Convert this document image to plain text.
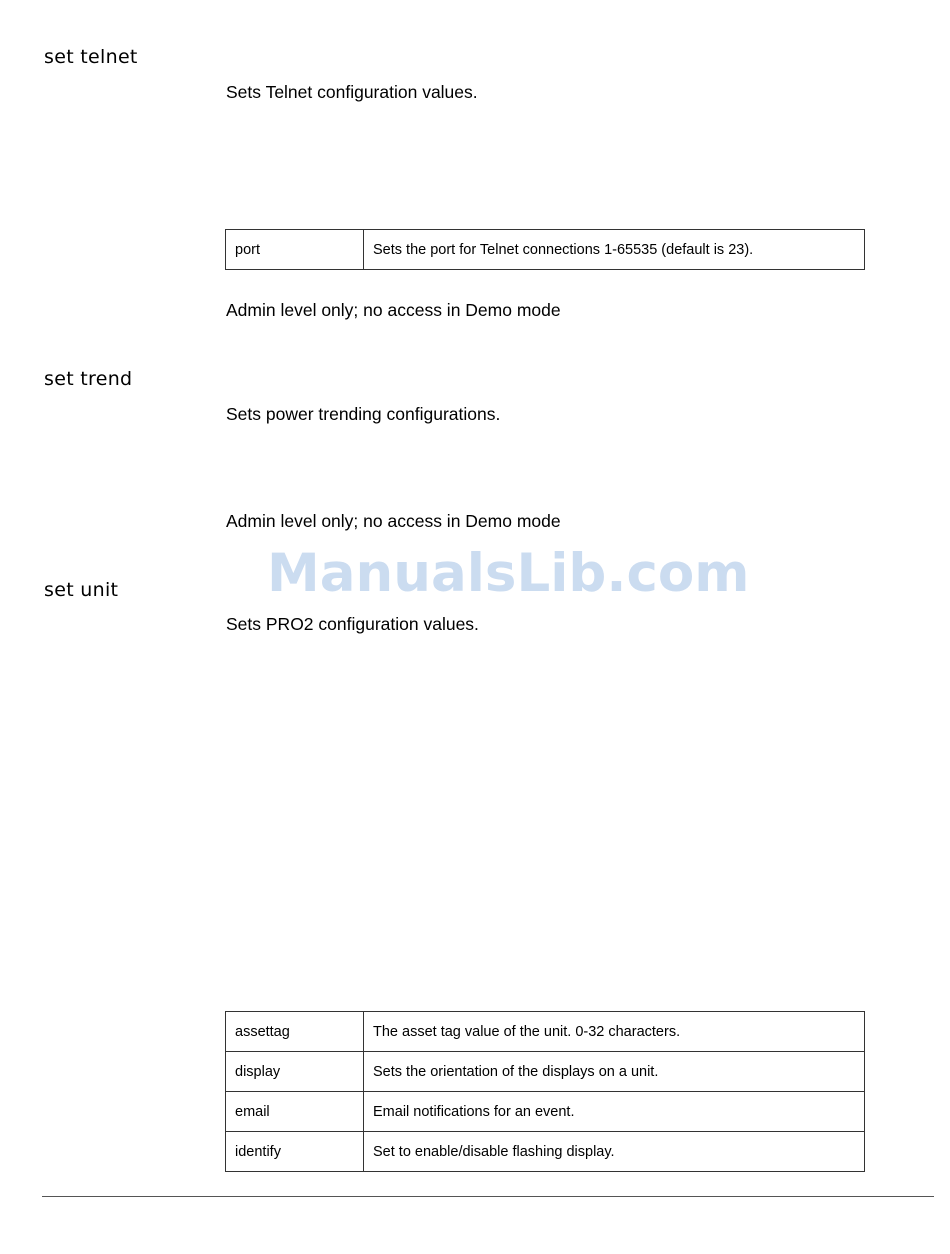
set telnet
Sets Telnet configuration values.
port	Sets the port for Telnet connections 1-65535 (default is 23).
Admin level only; no access in Demo mode
set trend
Sets power trending configurations.
Admin level only; no access in Demo mode
ManualsLib.com
set unit
Sets PRO2 configuration values.
assettag	The asset tag value of the unit. 0-32 characters.
display	Sets the orientation of the displays on a unit.
email	Email notifications for an event.
identify	Set to enable/disable flashing display.
